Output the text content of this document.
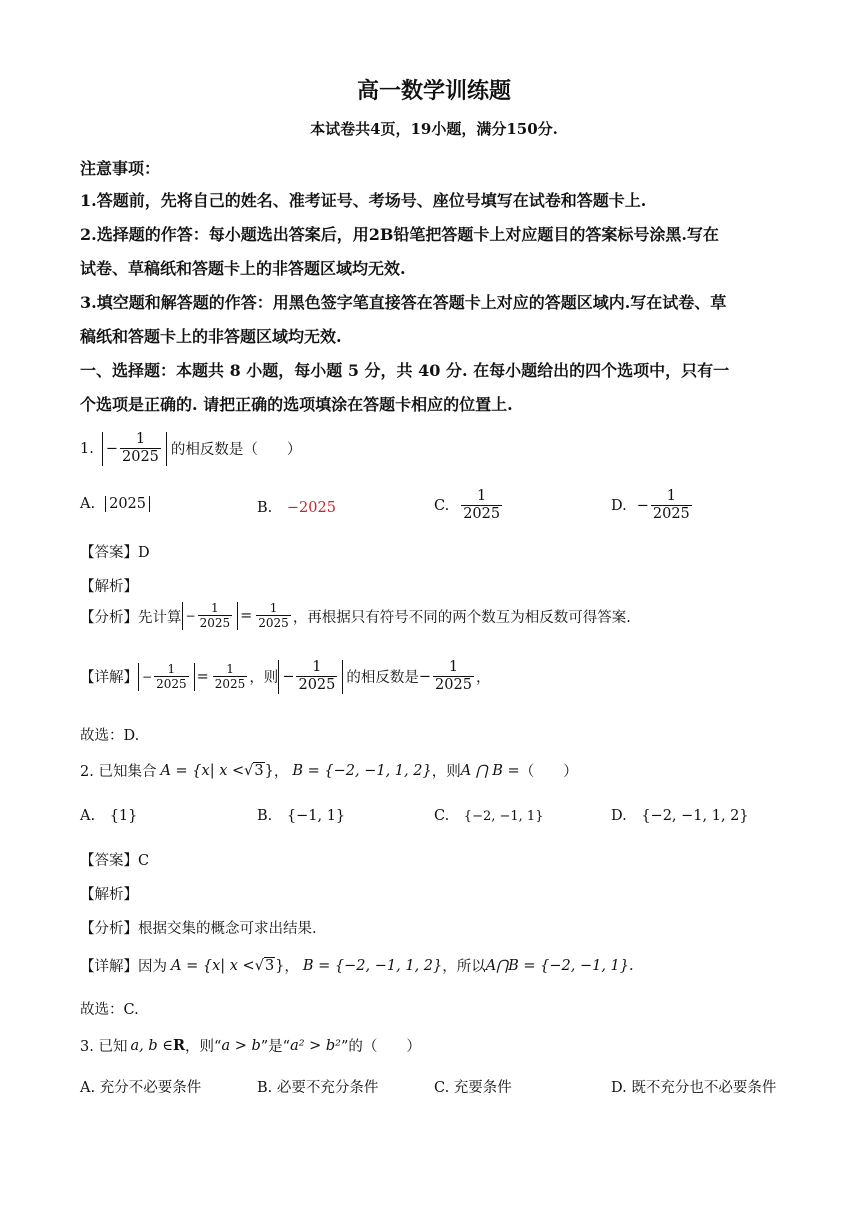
高一数学训练题
本试卷共4页，19小题，满分150分.
注意事项：
1.答题前，先将自己的姓名、准考证号、考场号、座位号填写在试卷和答题卡上.
2.选择题的作答：每小题选出答案后，用2B铅笔把答题卡上对应题目的答案标号涂黑.写在
试卷、草稿纸和答题卡上的非答题区域均无效.
3.填空题和解答题的作答：用黑色签字笔直接答在答题卡上对应的答题区域内.写在试卷、草
稿纸和答题卡上的非答题区域均无效.
一、选择题：本题共 8 小题，每小题 5 分，共 40 分. 在每小题给出的四个选项中，只有一
个选项是正确的. 请把正确的选项填涂在答题卡相应的位置上.
1. − $\frac{1}{2025}$ 的相反数是（　　）
A. 2025	B. −2025	C. $\frac{1}{2025}$	D. − $\frac{1}{2025}$
【答案】D
【解析】
【分析】先计算 − $\frac{1}{2025} = \frac{1}{2025}$ ，再根据只有符号不同的两个数互为相反数可得答案.
【详解】 − $\frac{1}{2025} = \frac{1}{2025}$ ，则 − $\frac{1}{2025}$ 的相反数是 − $\frac{1}{2025}$ ，
故选：D.
2. 已知集合 A = {x| x < √3 } ， B = {−2, −1, 1, 2} ，则 A ⋂ B = （　　）
A. {1}	B. {−1, 1}	C. {−2, −1, 1}	D. {−2, −1, 1, 2}
【答案】C
【解析】
【分析】根据交集的概念可求出结果.
【详解】因为 A = {x| x < √3 } ， B = {−2, −1, 1, 2} ，所以 A⋂B = {−2, −1, 1}.
故选：C.
3. 已知 a, b ∈ R ，则“ a > b ”是“ a² > b² ”的（　　）
A. 充分不必要条件	B. 必要不充分条件	C. 充要条件	D. 既不充分也不必要条件
